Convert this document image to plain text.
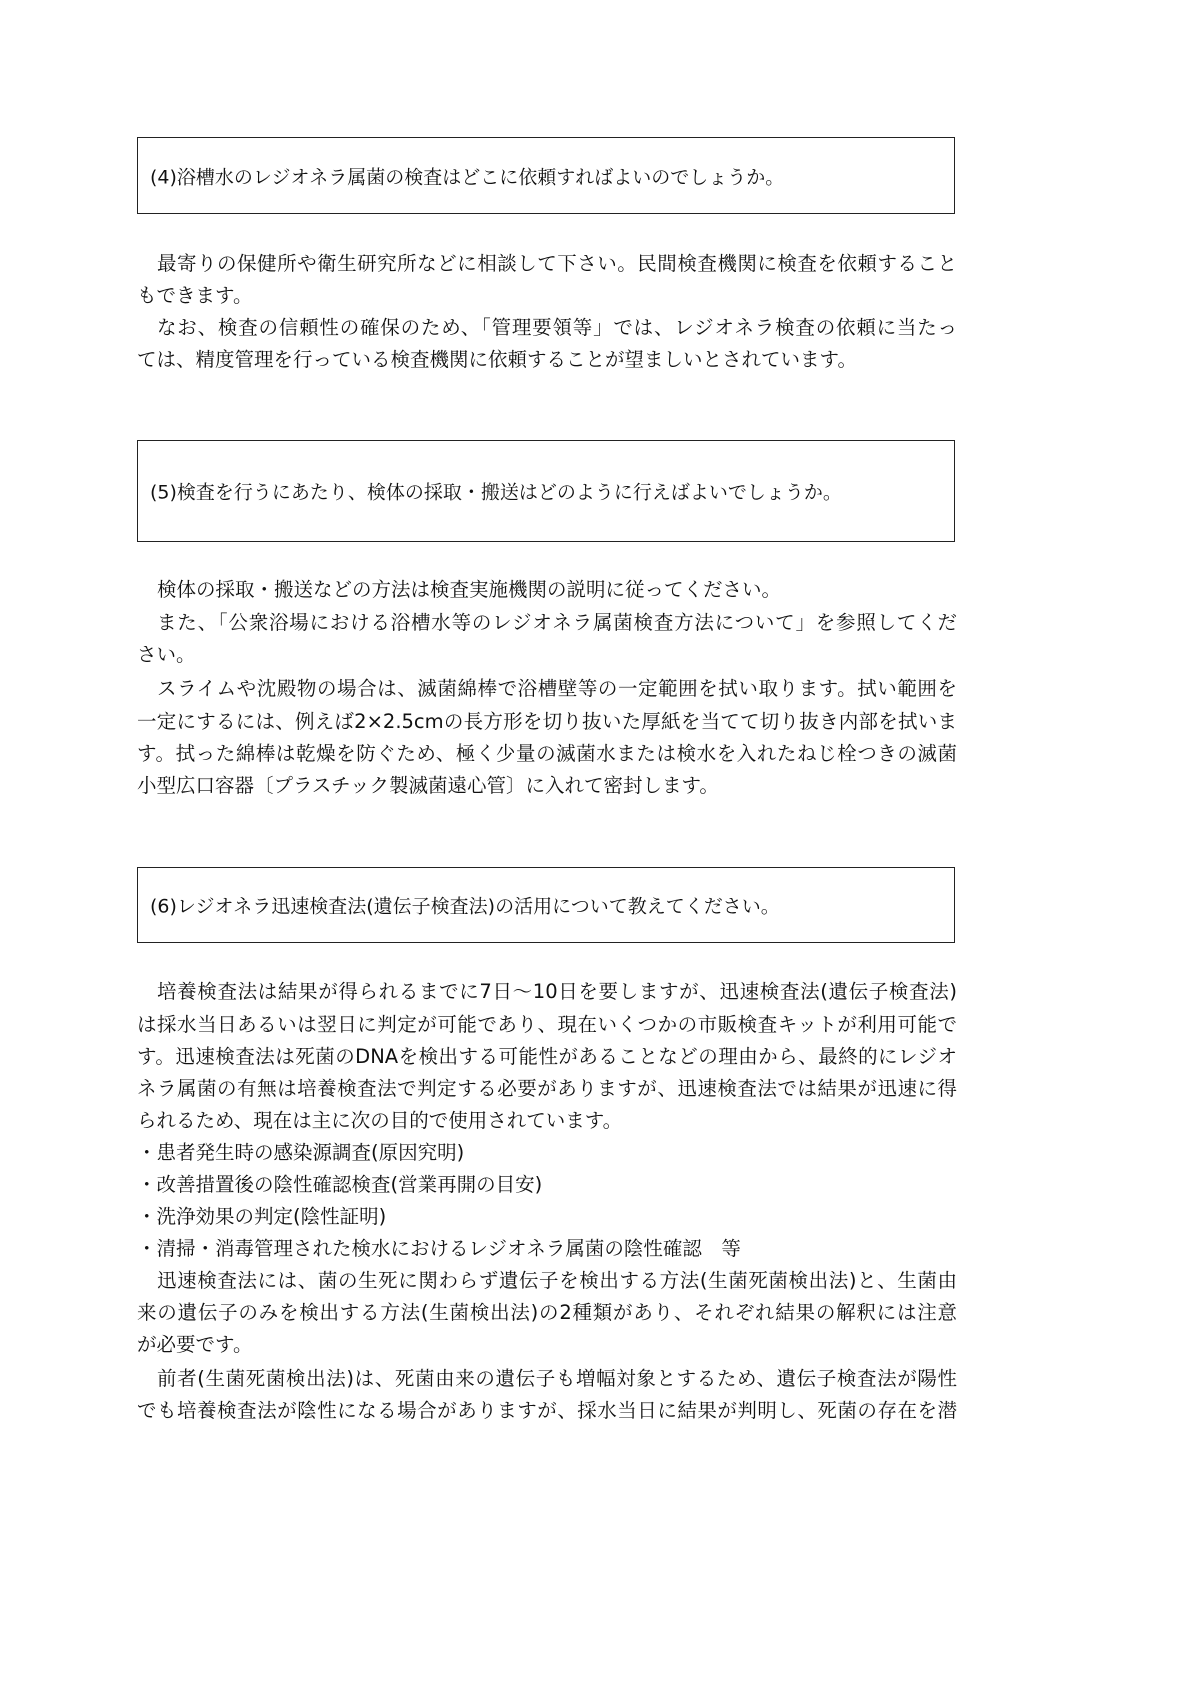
(4)浴槽水のレジオネラ属菌の検査はどこに依頼すればよいのでしょうか。
最寄りの保健所や衛生研究所などに相談して下さい。民間検査機関に検査を依頼すること
もできます。
なお、検査の信頼性の確保のため、「管理要領等」では、レジオネラ検査の依頼に当たっ
ては、精度管理を行っている検査機関に依頼することが望ましいとされています。
(5)検査を行うにあたり、検体の採取・搬送はどのように行えばよいでしょうか。
検体の採取・搬送などの方法は検査実施機関の説明に従ってください。
また、「公衆浴場における浴槽水等のレジオネラ属菌検査方法について」を参照してくだ
さい。
スライムや沈殿物の場合は、滅菌綿棒で浴槽壁等の一定範囲を拭い取ります。拭い範囲を
一定にするには、例えば2×2.5cmの長方形を切り抜いた厚紙を当てて切り抜き内部を拭いま
す。拭った綿棒は乾燥を防ぐため、極く少量の滅菌水または検水を入れたねじ栓つきの滅菌
小型広口容器〔プラスチック製滅菌遠心管〕に入れて密封します。
(6)レジオネラ迅速検査法(遺伝子検査法)の活用について教えてください。
培養検査法は結果が得られるまでに7日～10日を要しますが、迅速検査法(遺伝子検査法)
は採水当日あるいは翌日に判定が可能であり、現在いくつかの市販検査キットが利用可能で
す。迅速検査法は死菌のDNAを検出する可能性があることなどの理由から、最終的にレジオ
ネラ属菌の有無は培養検査法で判定する必要がありますが、迅速検査法では結果が迅速に得
られるため、現在は主に次の目的で使用されています。
・患者発生時の感染源調査(原因究明)
・改善措置後の陰性確認検査(営業再開の目安)
・洗浄効果の判定(陰性証明)
・清掃・消毒管理された検水におけるレジオネラ属菌の陰性確認　等
迅速検査法には、菌の生死に関わらず遺伝子を検出する方法(生菌死菌検出法)と、生菌由
来の遺伝子のみを検出する方法(生菌検出法)の2種類があり、それぞれ結果の解釈には注意
が必要です。
前者(生菌死菌検出法)は、死菌由来の遺伝子も増幅対象とするため、遺伝子検査法が陽性
でも培養検査法が陰性になる場合がありますが、採水当日に結果が判明し、死菌の存在を潜
